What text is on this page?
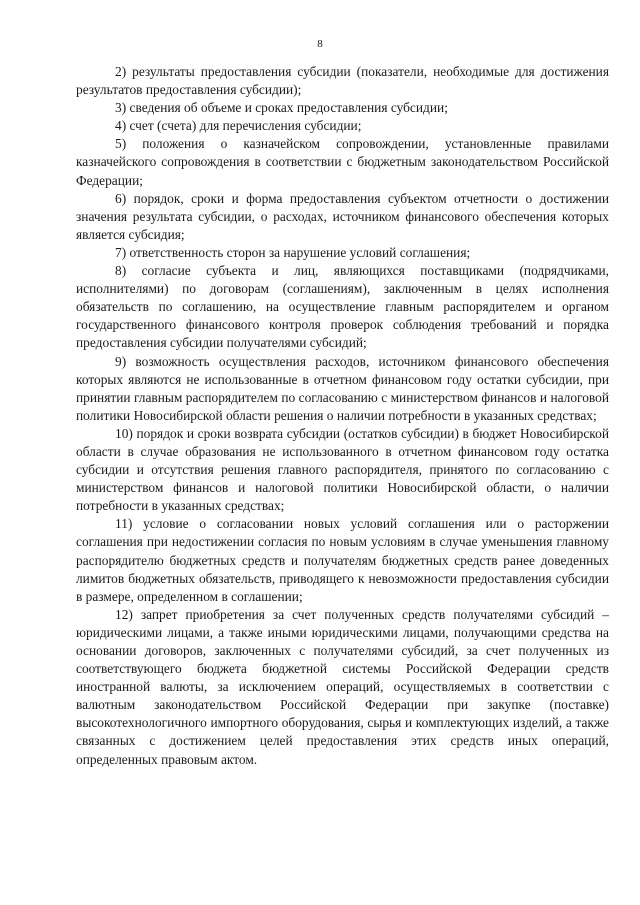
8

2) результаты предоставления субсидии (показатели, необходимые для достижения результатов предоставления субсидии);

3) сведения об объеме и сроках предоставления субсидии;

4) счет (счета) для перечисления субсидии;

5) положения о казначейском сопровождении, установленные правилами казначейского сопровождения в соответствии с бюджетным законодательством Российской Федерации;

6) порядок, сроки и форма предоставления субъектом отчетности о достижении значения результата субсидии, о расходах, источником финансового обеспечения которых является субсидия;

7) ответственность сторон за нарушение условий соглашения;

8) согласие субъекта и лиц, являющихся поставщиками (подрядчиками, исполнителями) по договорам (соглашениям), заключенным в целях исполнения обязательств по соглашению, на осуществление главным распорядителем и органом государственного финансового контроля проверок соблюдения требований и порядка предоставления субсидии получателями субсидий;

9) возможность осуществления расходов, источником финансового обеспечения которых являются не использованные в отчетном финансовом году остатки субсидии, при принятии главным распорядителем по согласованию с министерством финансов и налоговой политики Новосибирской области решения о наличии потребности в указанных средствах;

10) порядок и сроки возврата субсидии (остатков субсидии) в бюджет Новосибирской области в случае образования не использованного в отчетном финансовом году остатка субсидии и отсутствия решения главного распорядителя, принятого по согласованию с министерством финансов и налоговой политики Новосибирской области, о наличии потребности в указанных средствах;

11) условие о согласовании новых условий соглашения или о расторжении соглашения при недостижении согласия по новым условиям в случае уменьшения главному распорядителю бюджетных средств и получателям бюджетных средств ранее доведенных лимитов бюджетных обязательств, приводящего к невозможности предоставления субсидии в размере, определенном в соглашении;

12) запрет приобретения за счет полученных средств получателями субсидий – юридическими лицами, а также иными юридическими лицами, получающими средства на основании договоров, заключенных с получателями субсидий, за счет полученных из соответствующего бюджета бюджетной системы Российской Федерации средств иностранной валюты, за исключением операций, осуществляемых в соответствии с валютным законодательством Российской Федерации при закупке (поставке) высокотехнологичного импортного оборудования, сырья и комплектующих изделий, а также связанных с достижением целей предоставления этих средств иных операций, определенных правовым актом.
